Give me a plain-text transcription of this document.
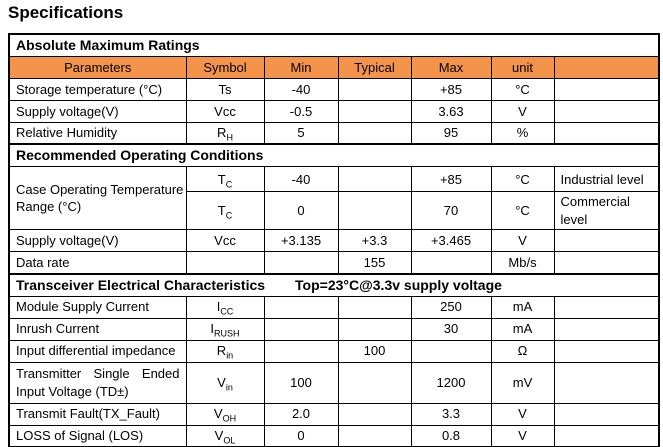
Specifications
Absolute Maximum Ratings						
Parameters	Symbol	Min	Typical	Max	unit	
Storage temperature (°C)	Ts	-40		+85	°C	
Supply voltage(V)	Vcc	-0.5		3.63	V	
Relative Humidity	$R_H$	5		95	%	
Recommended Operating Conditions						

Case Operating Temperature
Range (°C)	$T_C$	-40		+85	°C	Industrial level
	$T_C$	0		70	°C	Commercial level
Supply voltage(V)	Vcc	+3.135	+3.3	+3.465	V	
Data rate			155		Mb/s	

Transceiver Electrical Characteristics Top=23°C@3.3v supply voltage						

Module Supply Current	$I_{CC}$			250	mA	
Inrush Current	$I_{RUSH}$			30	mA	
Input differential impedance	$R_{in}$		100		Ω	

Transmitter Single Ended
Input Voltage (TD±)	$V_{in}$	100		1200	mV	
Transmit Fault(TX_Fault)	$V_{OH}$	2.0		3.3	V	
LOSS of Signal (LOS)	$V_{OL}$	0		0.8	V	
